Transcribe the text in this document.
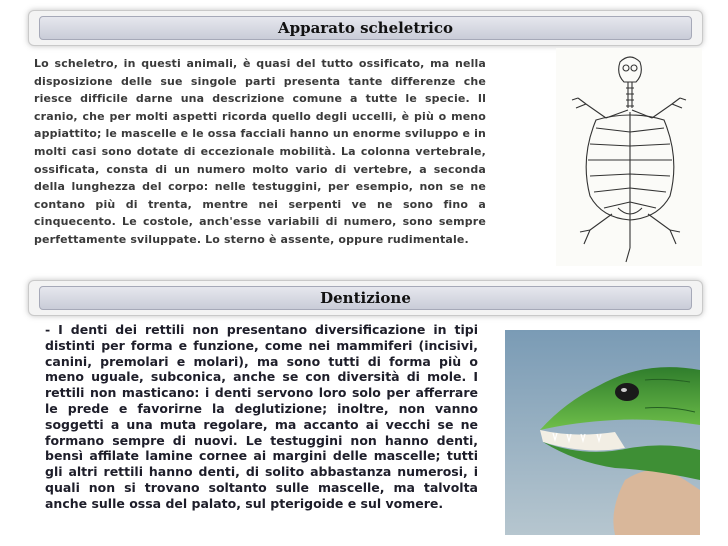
Apparato scheletrico

Lo scheletro, in questi animali, è quasi del tutto ossificato, ma nella disposizione delle sue singole parti presenta tante differenze che riesce difficile darne una descrizione comune a tutte le specie. Il cranio, che per molti aspetti ricorda quello degli uccelli, è più o meno appiattito; le mascelle e le ossa facciali hanno un enorme sviluppo e in molti casi sono dotate di eccezionale mobilità. La colonna vertebrale, ossificata, consta di un numero molto vario di vertebre, a seconda della lunghezza del corpo: nelle testuggini, per esempio, non se ne contano più di trenta, mentre nei serpenti ve ne sono fino a cinquecento. Le costole, anch'esse variabili di numero, sono sempre perfettamente sviluppate. Lo sterno è assente, oppure rudimentale.

Dentizione

- I denti dei rettili non presentano diversificazione in tipi distinti per forma e funzione, come nei mammiferi (incisivi, canini, premolari e molari), ma sono tutti di forma più o meno uguale, subconica, anche se con diversità di mole. I rettili non masticano: i denti servono loro solo per afferrare le prede e favorirne la deglutizione; inoltre, non vanno soggetti a una muta regolare, ma accanto ai vecchi se ne formano sempre di nuovi. Le testuggini non hanno denti, bensì affilate lamine cornee ai margini delle mascelle; tutti gli altri rettili hanno denti, di solito abbastanza numerosi, i quali non si trovano soltanto sulle mascelle, ma talvolta anche sulle ossa del palato, sul pterigoide e sul vomere.
